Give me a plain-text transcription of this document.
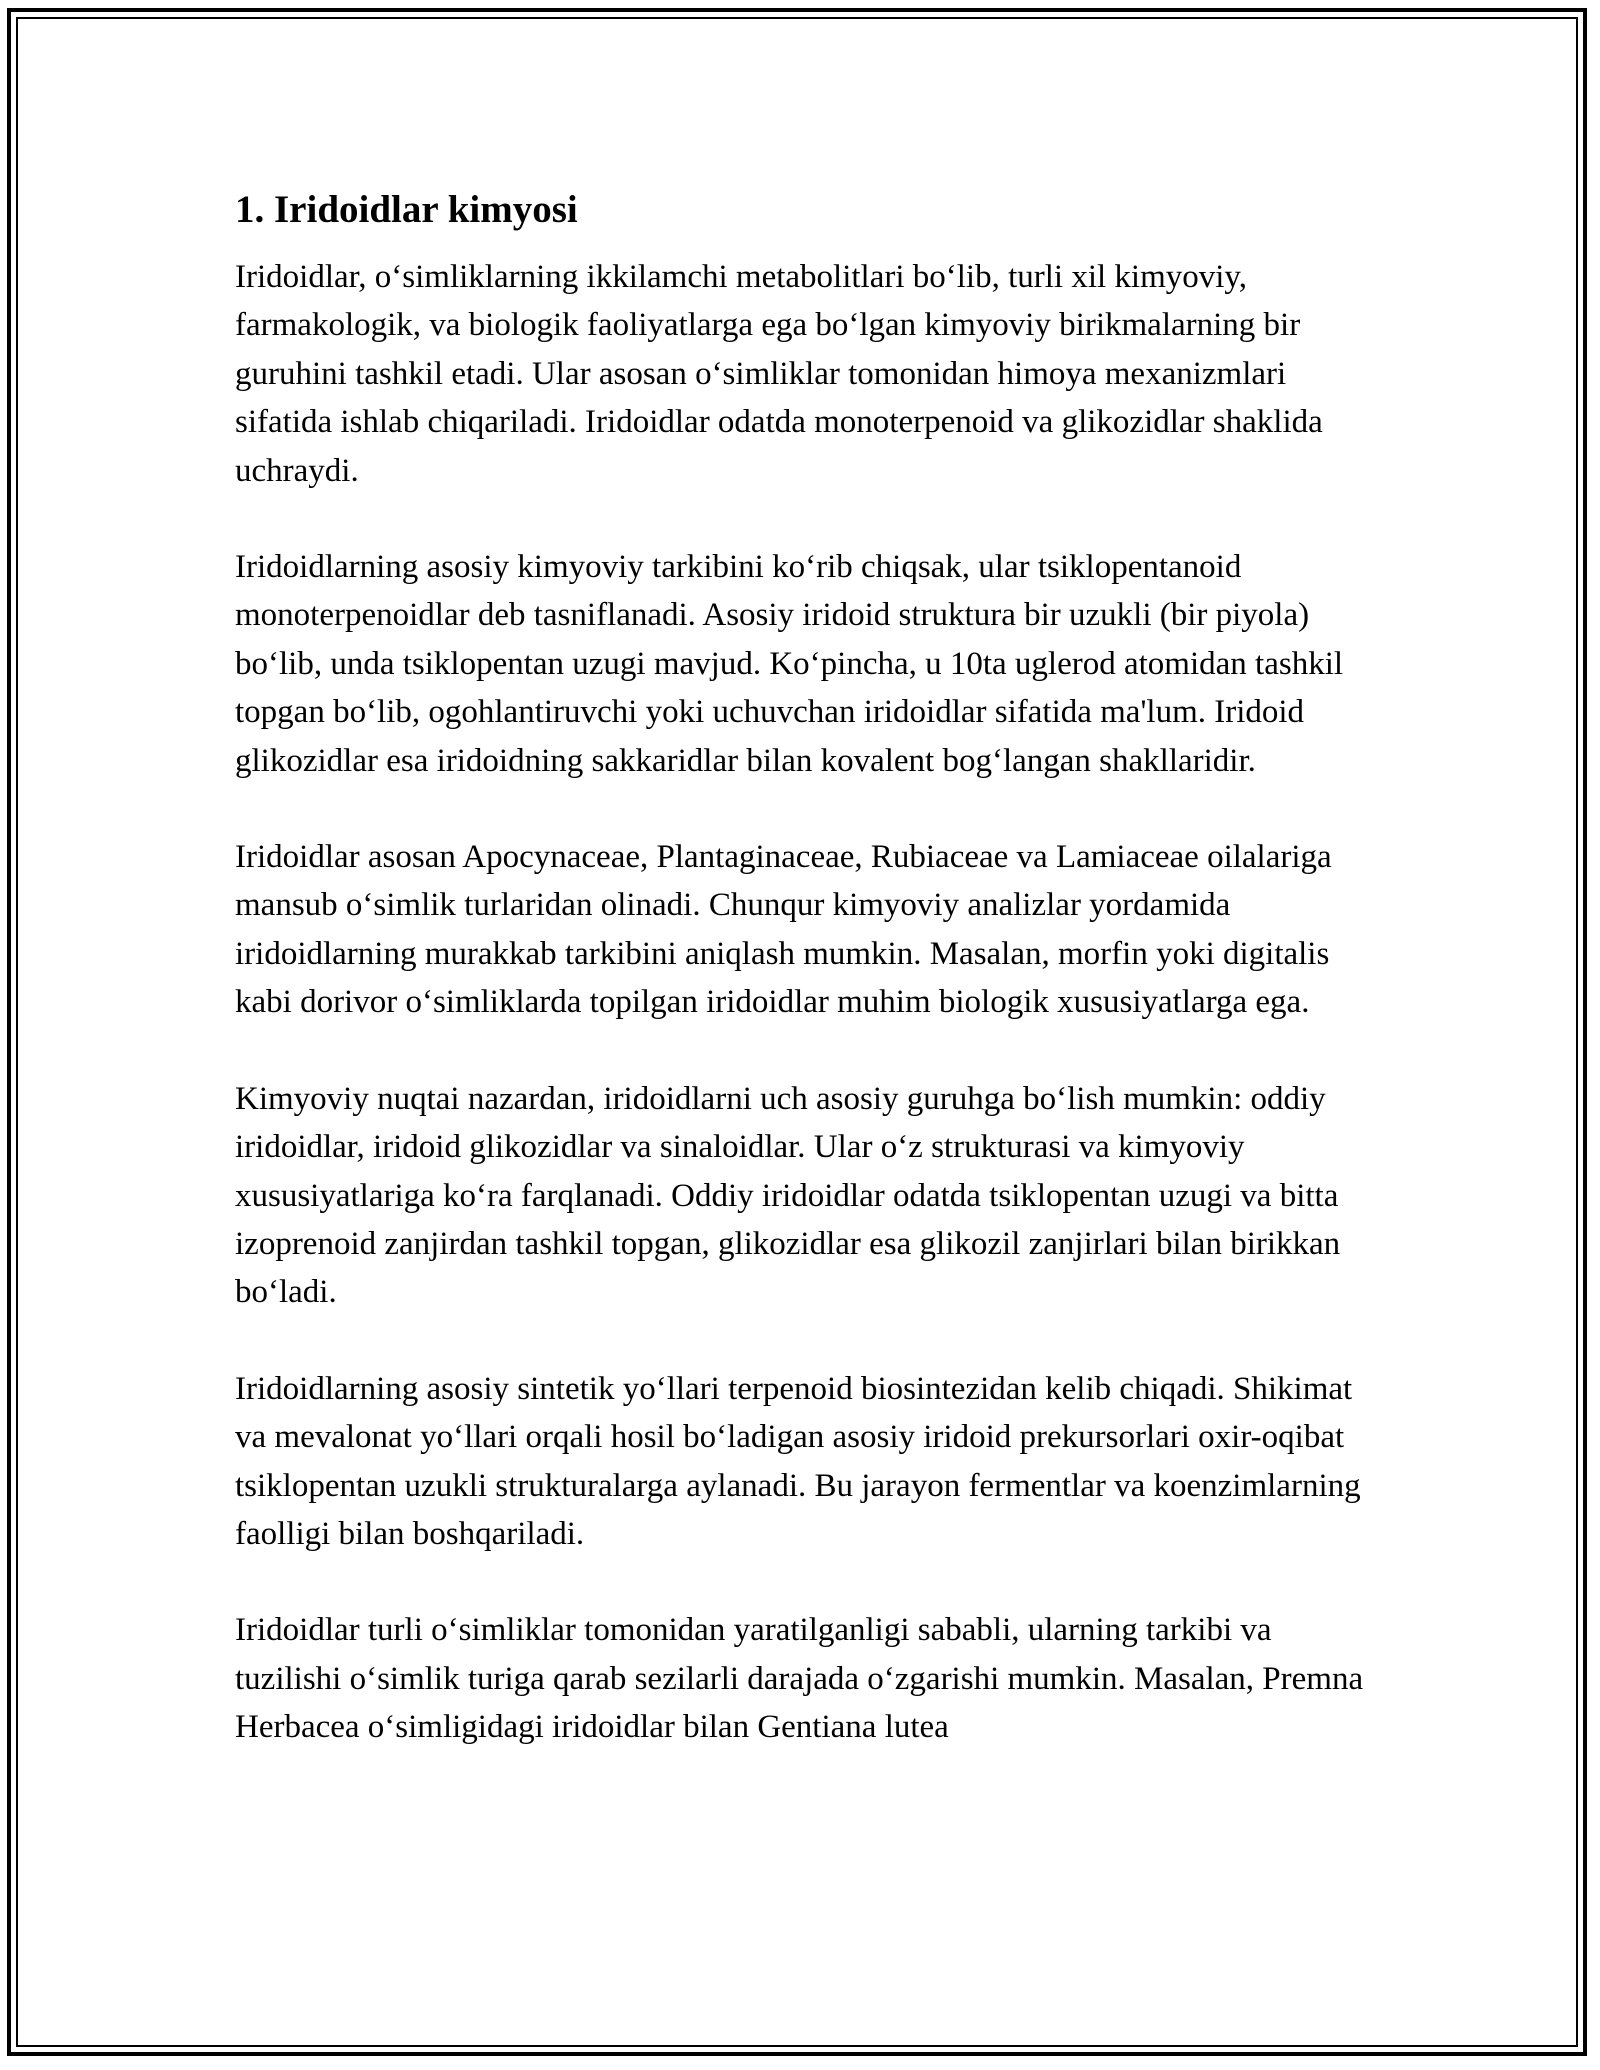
1. Iridoidlar kimyosi

Iridoidlar, o‘simliklarning ikkilamchi metabolitlari bo‘lib, turli xil kimyoviy, farmakologik, va biologik faoliyatlarga ega bo‘lgan kimyoviy birikmalarning bir guruhini tashkil etadi. Ular asosan o‘simliklar tomonidan himoya mexanizmlari sifatida ishlab chiqariladi. Iridoidlar odatda monoterpenoid va glikozidlar shaklida uchraydi.

Iridoidlarning asosiy kimyoviy tarkibini ko‘rib chiqsak, ular tsiklopentanoid monoterpenoidlar deb tasniflanadi. Asosiy iridoid struktura bir uzukli (bir piyola) bo‘lib, unda tsiklopentan uzugi mavjud. Ko‘pincha, u 10ta uglerod atomidan tashkil topgan bo‘lib, ogohlantiruvchi yoki uchuvchan iridoidlar sifatida ma'lum. Iridoid glikozidlar esa iridoidning sakkaridlar bilan kovalent bog‘langan shakllaridir.

Iridoidlar asosan Apocynaceae, Plantaginaceae, Rubiaceae va Lamiaceae oilalariga mansub o‘simlik turlaridan olinadi. Chunqur kimyoviy analizlar yordamida iridoidlarning murakkab tarkibini aniqlash mumkin. Masalan, morfin yoki digitalis kabi dorivor o‘simliklarda topilgan iridoidlar muhim biologik xususiyatlarga ega.

Kimyoviy nuqtai nazardan, iridoidlarni uch asosiy guruhga bo‘lish mumkin: oddiy iridoidlar, iridoid glikozidlar va sinaloidlar. Ular o‘z strukturasi va kimyoviy xususiyatlariga ko‘ra farqlanadi. Oddiy iridoidlar odatda tsiklopentan uzugi va bitta izoprenoid zanjirdan tashkil topgan, glikozidlar esa glikozil zanjirlari bilan birikkan bo‘ladi.

Iridoidlarning asosiy sintetik yo‘llari terpenoid biosintezidan kelib chiqadi. Shikimat va mevalonat yo‘llari orqali hosil bo‘ladigan asosiy iridoid prekursorlari oxir-oqibat tsiklopentan uzukli strukturalarga aylanadi. Bu jarayon fermentlar va koenzimlarning faolligi bilan boshqariladi.

Iridoidlar turli o‘simliklar tomonidan yaratilganligi sababli, ularning tarkibi va tuzilishi o‘simlik turiga qarab sezilarli darajada o‘zgarishi mumkin. Masalan, Premna Herbacea o‘simligidagi iridoidlar bilan Gentiana lutea
